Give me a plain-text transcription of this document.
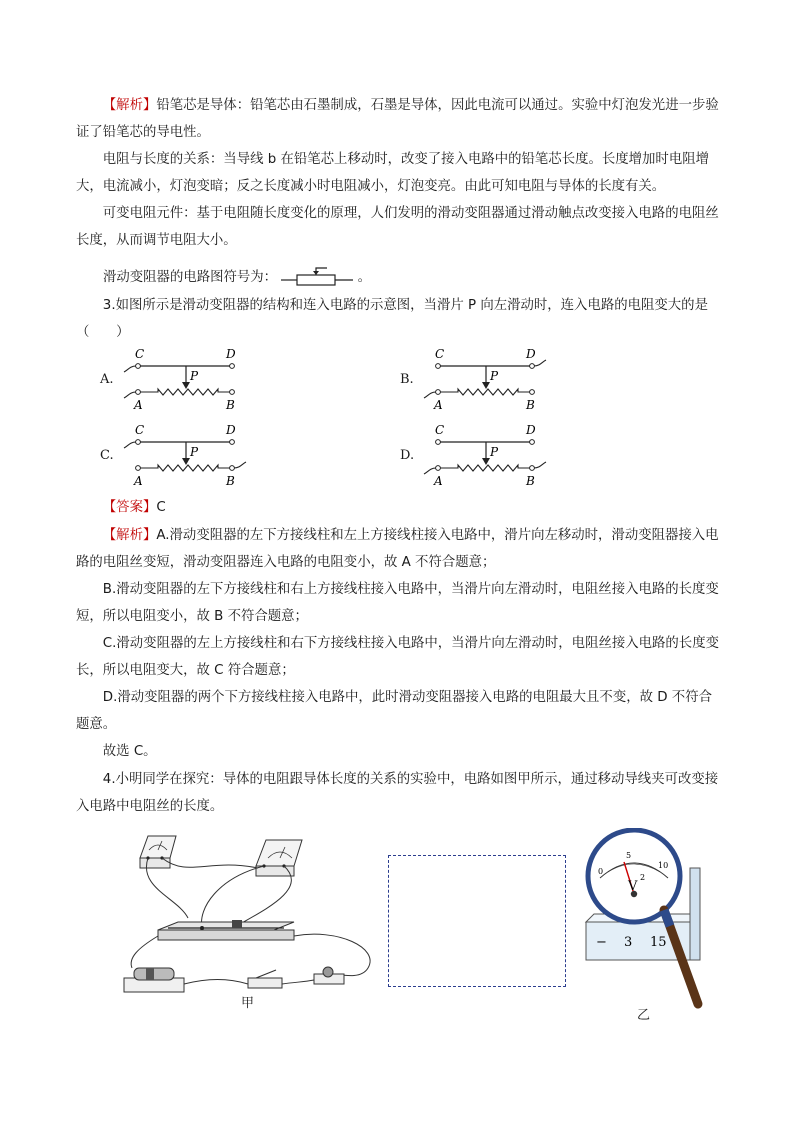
【解析】铅笔芯是导体：铅笔芯由石墨制成，石墨是导体，因此电流可以通过。实验中灯泡发光进一步验证了铅笔芯的导电性。

电阻与长度的关系：当导线 b 在铅笔芯上移动时，改变了接入电路中的铅笔芯长度。长度增加时电阻增大，电流减小，灯泡变暗；反之长度减小时电阻减小，灯泡变亮。由此可知电阻与导体的长度有关。

可变电阻元件：基于电阻随长度变化的原理，人们发明的滑动变阻器通过滑动触点改变接入电路的电阻丝长度，从而调节电阻大小。

滑动变阻器的电路图符号为：	。

3.如图所示是滑动变阻器的结构和连入电路的示意图，当滑片 P 向左滑动时，连入电路的电阻变大的是（　　）

A.
C	D
A	B
P	B.
C	D
A	B
P
C.
C	D
A	B
P	D.
C	D
A	B
P

【答案】C

【解析】A.滑动变阻器的左下方接线柱和左上方接线柱接入电路中，滑片向左移动时，滑动变阻器接入电路的电阻丝变短，滑动变阻器连入电路的电阻变小，故 A 不符合题意；

B.滑动变阻器的左下方接线柱和右上方接线柱接入电路中，当滑片向左滑动时，电阻丝接入电路的长度变短，所以电阻变小，故 B 不符合题意；

C.滑动变阻器的左上方接线柱和右下方接线柱接入电路中，当滑片向左滑动时，电阻丝接入电路的长度变长，所以电阻变大，故 C 符合题意；

D.滑动变阻器的两个下方接线柱接入电路中，此时滑动变阻器接入电路的电阻最大且不变，故 D 不符合题意。

故选 C。

4.小明同学在探究：导体的电阻跟导体长度的关系的实验中，电路如图甲所示，通过移动导线夹可改变接入电路中电阻丝的长度。

甲
− 3 15
0
5
10
2
V
乙
